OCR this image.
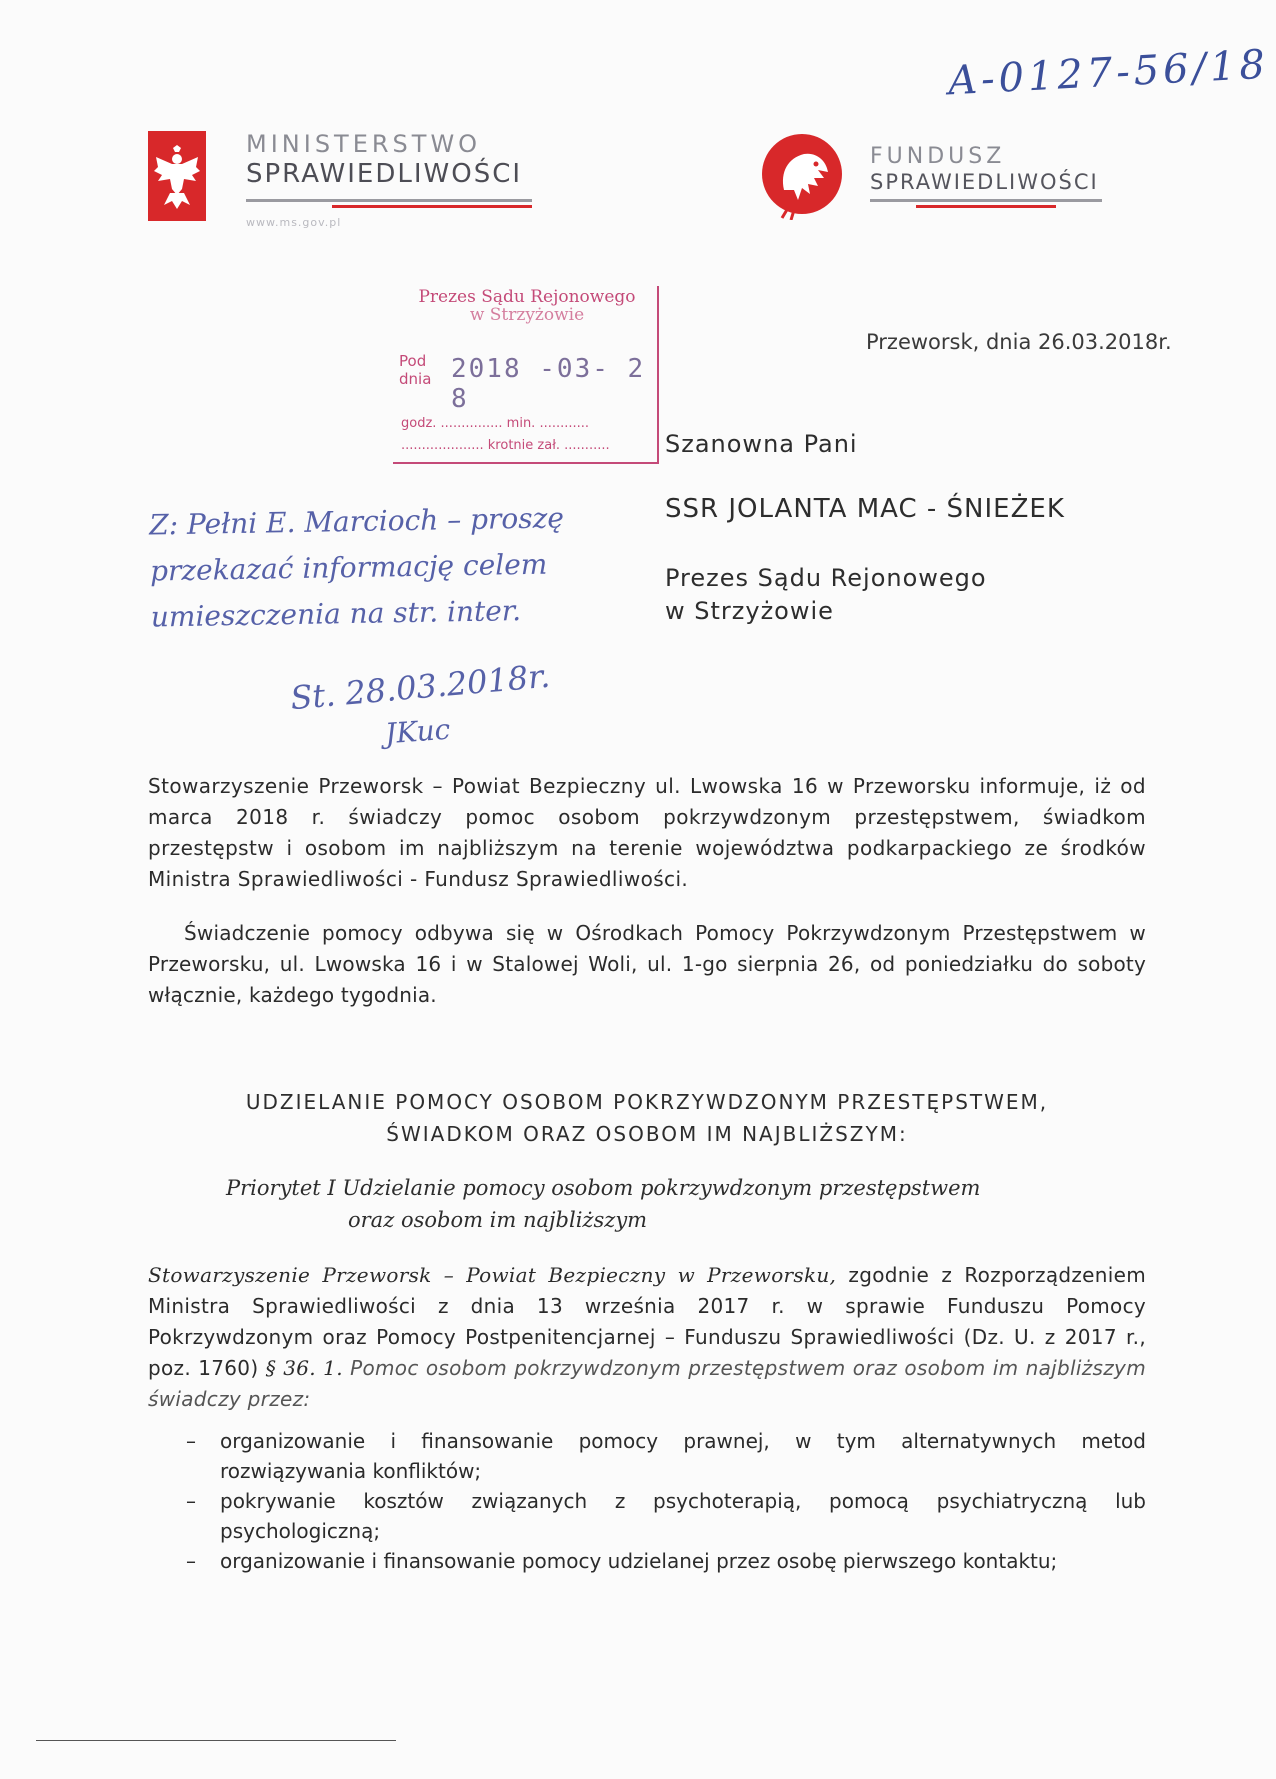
A-0127-56/18
MINISTERSTWO
SPRAWIEDLIWOŚCI
www.ms.gov.pl
FUNDUSZ
SPRAWIEDLIWOŚCI
Prezes Sądu Rejonowego
w Strzyżowie
Pod
dnia 2018 -03- 2 8
godz. ............... min. ............
.................... krotnie zał. ...........
Przeworsk, dnia 26.03.2018r.
Szanowna Pani
SSR JOLANTA MAC - ŚNIEŻEK
Prezes Sądu Rejonowego
w Strzyżowie
Z: Pełni E. Marcioch – proszę przekazać informację celem umieszczenia na str. inter.
St. 28.03.2018r.
JKuc
Stowarzyszenie Przeworsk – Powiat Bezpieczny ul. Lwowska 16 w Przeworsku informuje, iż od marca 2018 r. świadczy pomoc osobom pokrzywdzonym przestępstwem, świadkom przestępstw i osobom im najbliższym na terenie województwa podkarpackiego ze środków Ministra Sprawiedliwości - Fundusz Sprawiedliwości.
Świadczenie pomocy odbywa się w Ośrodkach Pomocy Pokrzywdzonym Przestępstwem w Przeworsku, ul. Lwowska 16 i w Stalowej Woli, ul. 1-go sierpnia 26, od poniedziałku do soboty włącznie, każdego tygodnia.
UDZIELANIE POMOCY OSOBOM POKRZYWDZONYM PRZESTĘPSTWEM,
ŚWIADKOM ORAZ OSOBOM IM NAJBLIŻSZYM:
Priorytet I Udzielanie pomocy osobom pokrzywdzonym przestępstwem
oraz osobom im najbliższym
Stowarzyszenie Przeworsk – Powiat Bezpieczny w Przeworsku, zgodnie z Rozporządzeniem Ministra Sprawiedliwości z dnia 13 września 2017 r. w sprawie Funduszu Pomocy Pokrzywdzonym oraz Pomocy Postpenitencjarnej – Funduszu Sprawiedliwości (Dz. U. z 2017 r., poz. 1760) § 36. 1. Pomoc osobom pokrzywdzonym przestępstwem oraz osobom im najbliższym świadczy przez:
– organizowanie i finansowanie pomocy prawnej, w tym alternatywnych metod rozwiązywania konfliktów;
– pokrywanie kosztów związanych z psychoterapią, pomocą psychiatryczną lub psychologiczną;
– organizowanie i finansowanie pomocy udzielanej przez osobę pierwszego kontaktu;
